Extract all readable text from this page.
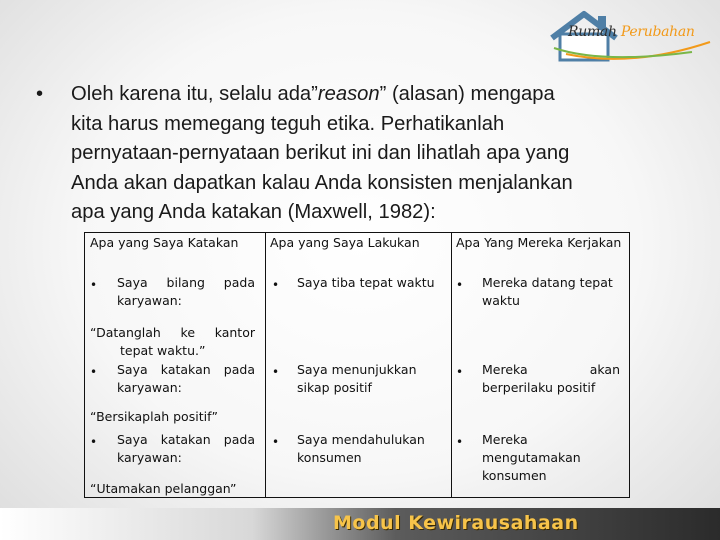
Rumah Perubahan
• Oleh karena itu, selalu ada”reason” (alasan) mengapa
kita harus memegang teguh etika. Perhatikanlah
pernyataan-pernyataan berikut ini dan lihatlah apa yang
Anda akan dapatkan kalau Anda konsisten menjalankan
apa yang Anda katakan (Maxwell, 1982):
Apa yang Saya Katakan	Apa yang Saya Lakukan	Apa Yang Mereka Kerjakan
• Saya bilang pada
karyawan:
“Datanglah ke kantor
tepat waktu.”
• Saya katakan pada
karyawan:
“Bersikaplah positif”
• Saya katakan pada
karyawan:
“Utamakan pelanggan”
• Saya tiba tepat waktu
• Saya menunjukkan
sikap positif
• Saya mendahulukan
konsumen
• Mereka datang tepat
waktu
• Mereka akan
berperilaku positif
• Mereka
mengutamakan
konsumen
Modul Kewirausahaan
